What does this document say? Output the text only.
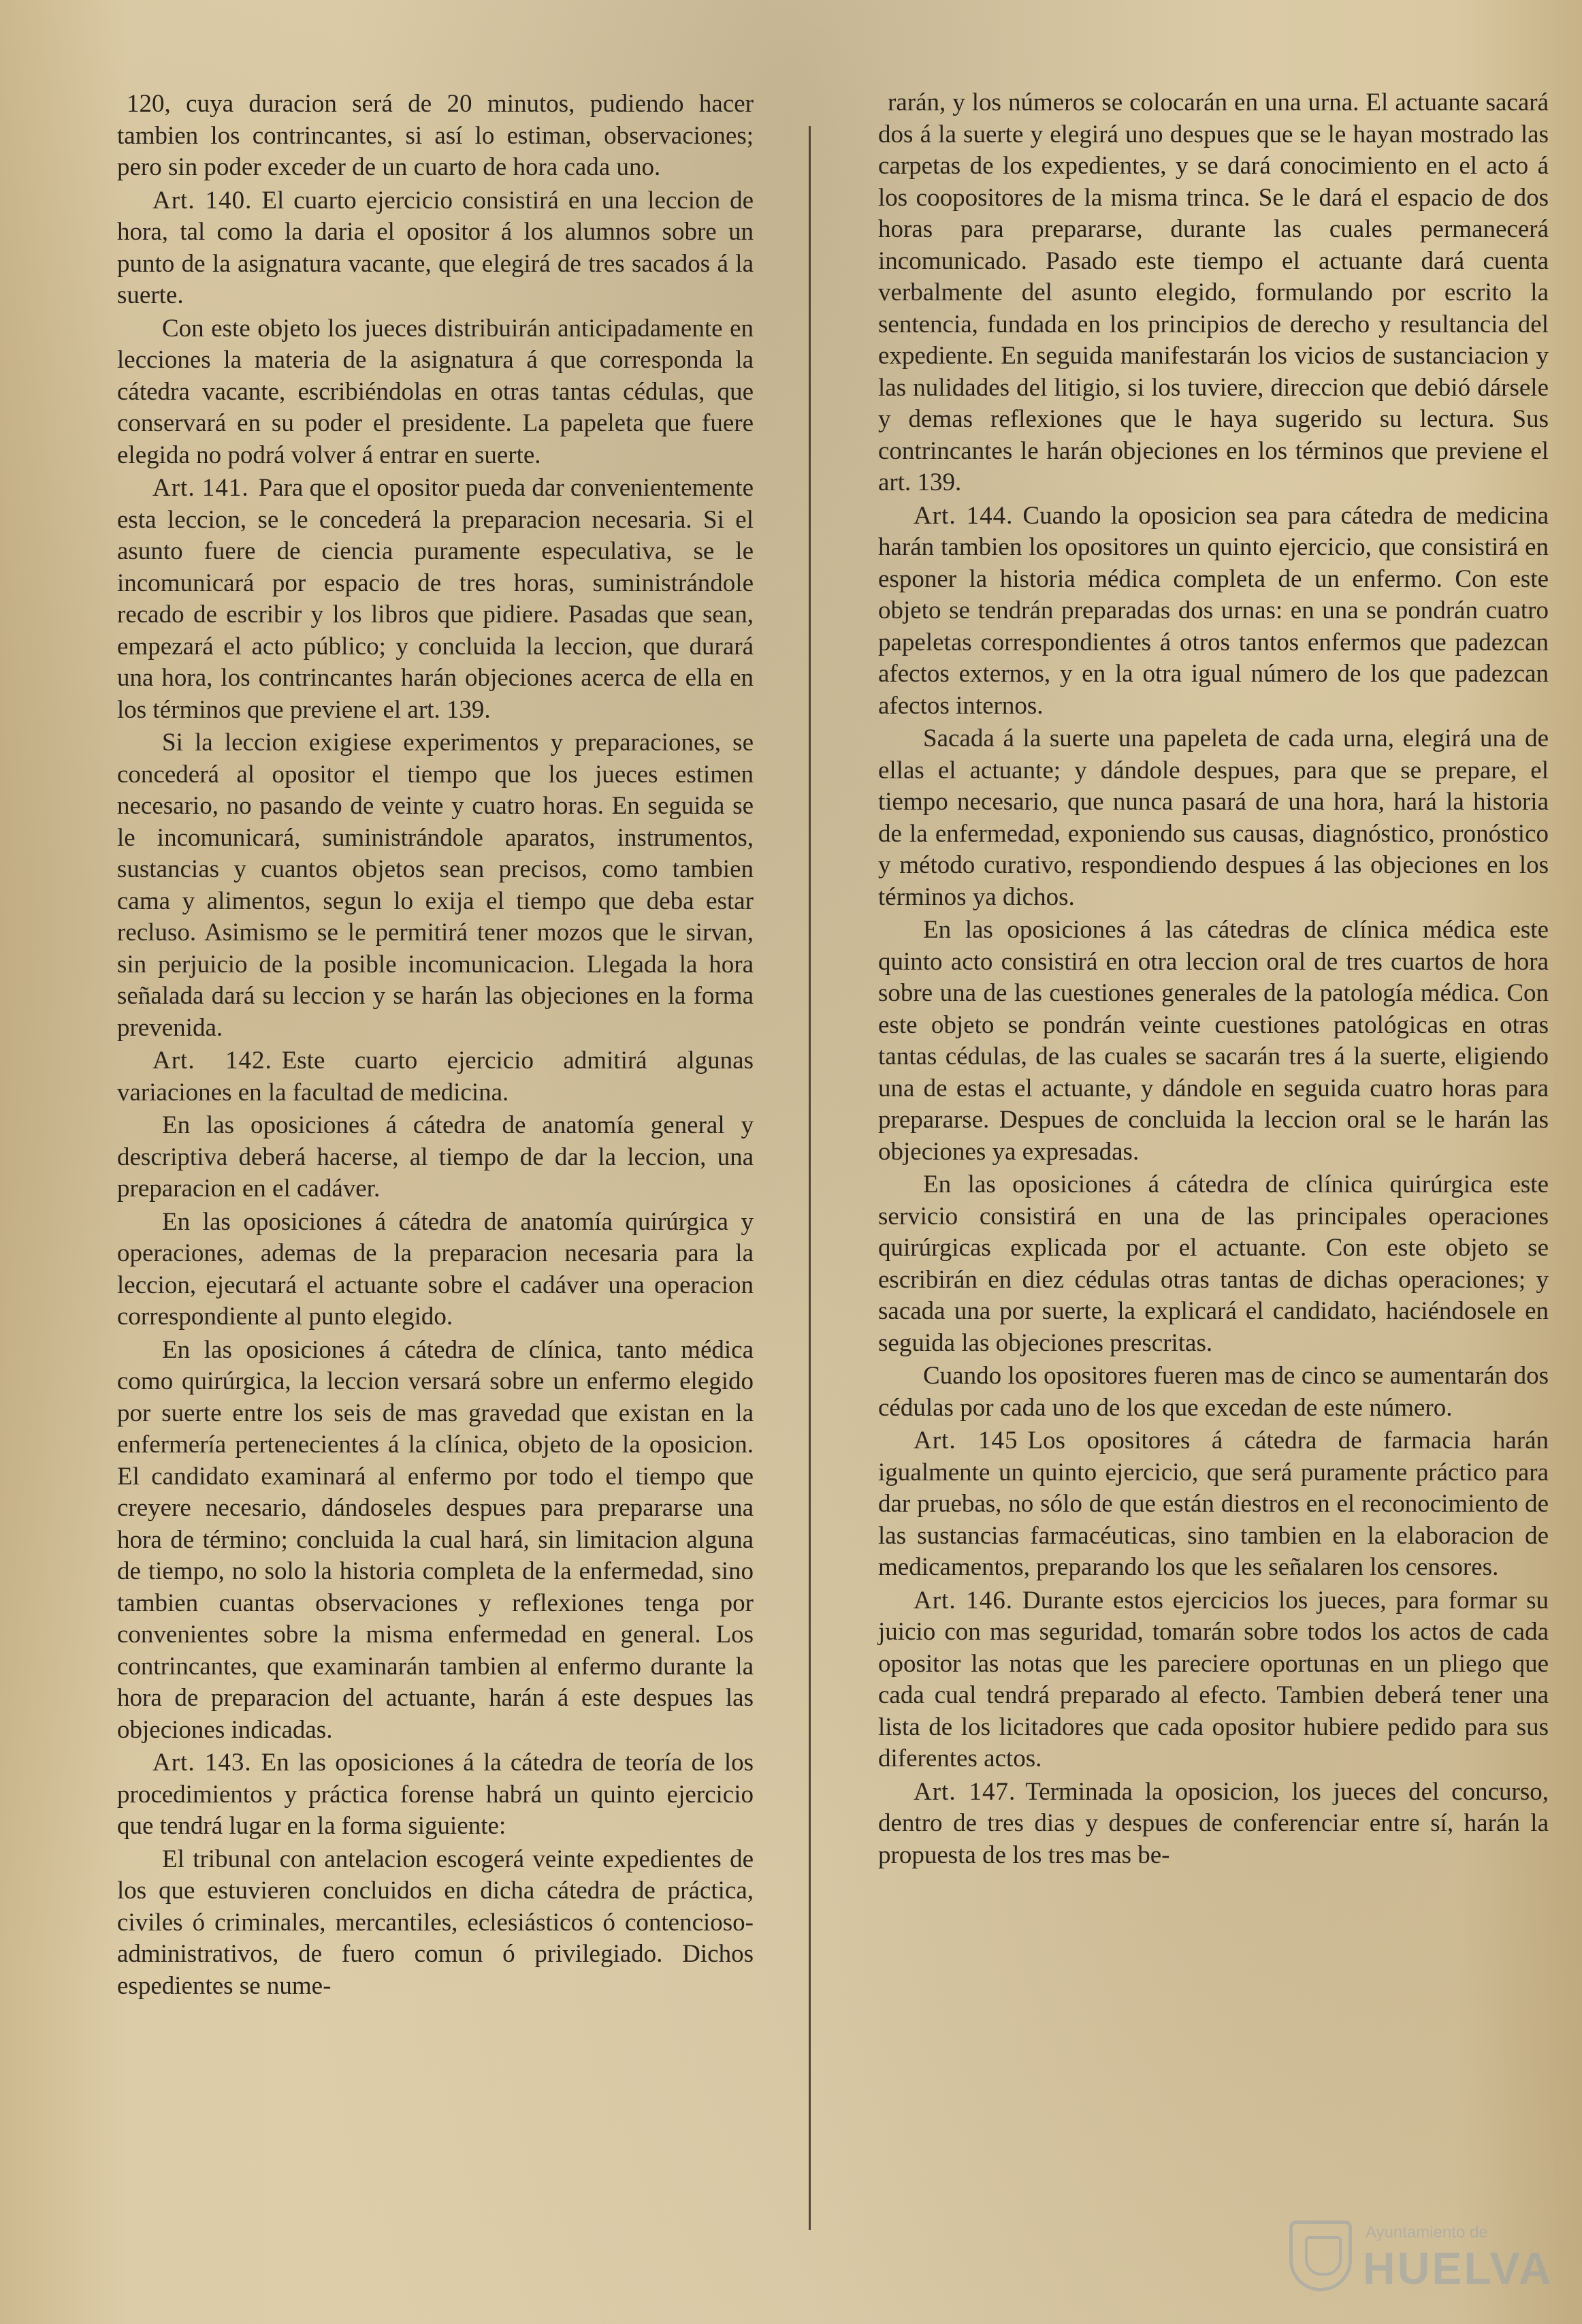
120, cuya duracion será de 20 minutos, pudiendo hacer tambien los contrincantes, si así lo estiman, observaciones; pero sin poder exceder de un cuarto de hora cada uno.

Art. 140. El cuarto ejercicio consistirá en una leccion de hora, tal como la daria el opositor á los alumnos sobre un punto de la asignatura vacante, que elegirá de tres sacados á la suerte.

Con este objeto los jueces distribuirán anticipadamente en lecciones la materia de la asignatura á que corresponda la cátedra vacante, escribiéndolas en otras tantas cédulas, que conservará en su poder el presidente. La papeleta que fuere elegida no podrá volver á entrar en suerte.

Art. 141. Para que el opositor pueda dar convenientemente esta leccion, se le concederá la preparacion necesaria. Si el asunto fuere de ciencia puramente especulativa, se le incomunicará por espacio de tres horas, suministrándole recado de escribir y los libros que pidiere. Pasadas que sean, empezará el acto público; y concluida la leccion, que durará una hora, los contrincantes harán objeciones acerca de ella en los términos que previene el art. 139.

Si la leccion exigiese experimentos y preparaciones, se concederá al opositor el tiempo que los jueces estimen necesario, no pasando de veinte y cuatro horas. En seguida se le incomunicará, suministrándole aparatos, instrumentos, sustancias y cuantos objetos sean precisos, como tambien cama y alimentos, segun lo exija el tiempo que deba estar recluso. Asimismo se le permitirá tener mozos que le sirvan, sin perjuicio de la posible incomunicacion. Llegada la hora señalada dará su leccion y se harán las objeciones en la forma prevenida.

Art. 142. Este cuarto ejercicio admitirá algunas variaciones en la facultad de medicina.

En las oposiciones á cátedra de anatomía general y descriptiva deberá hacerse, al tiempo de dar la leccion, una preparacion en el cadáver.

En las oposiciones á cátedra de anatomía quirúrgica y operaciones, ademas de la preparacion necesaria para la leccion, ejecutará el actuante sobre el cadáver una operacion correspondiente al punto elegido.

En las oposiciones á cátedra de clínica, tanto médica como quirúrgica, la leccion versará sobre un enfermo elegido por suerte entre los seis de mas gravedad que existan en la enfermería pertenecientes á la clínica, objeto de la oposicion. El candidato examinará al enfermo por todo el tiempo que creyere necesario, dándoseles despues para prepararse una hora de término; concluida la cual hará, sin limitacion alguna de tiempo, no solo la historia completa de la enfermedad, sino tambien cuantas observaciones y reflexiones tenga por convenientes sobre la misma enfermedad en general. Los contrincantes, que examinarán tambien al enfermo durante la hora de preparacion del actuante, harán á este despues las objeciones indicadas.

Art. 143. En las oposiciones á la cátedra de teoría de los procedimientos y práctica forense habrá un quinto ejercicio que tendrá lugar en la forma siguiente:

El tribunal con antelacion escogerá veinte expedientes de los que estuvieren concluidos en dicha cátedra de práctica, civiles ó criminales, mercantiles, eclesiásticos ó contencioso-administrativos, de fuero comun ó privilegiado. Dichos espedientes se nume-

rarán, y los números se colocarán en una urna. El actuante sacará dos á la suerte y elegirá uno despues que se le hayan mostrado las carpetas de los expedientes, y se dará conocimiento en el acto á los coopositores de la misma trinca. Se le dará el espacio de dos horas para prepararse, durante las cuales permanecerá incomunicado. Pasado este tiempo el actuante dará cuenta verbalmente del asunto elegido, formulando por escrito la sentencia, fundada en los principios de derecho y resultancia del expediente. En seguida manifestarán los vicios de sustanciacion y las nulidades del litigio, si los tuviere, direccion que debió dársele y demas reflexiones que le haya sugerido su lectura. Sus contrincantes le harán objeciones en los términos que previene el art. 139.

Art. 144. Cuando la oposicion sea para cátedra de medicina harán tambien los opositores un quinto ejercicio, que consistirá en esponer la historia médica completa de un enfermo. Con este objeto se tendrán preparadas dos urnas: en una se pondrán cuatro papeletas correspondientes á otros tantos enfermos que padezcan afectos externos, y en la otra igual número de los que padezcan afectos internos.

Sacada á la suerte una papeleta de cada urna, elegirá una de ellas el actuante; y dándole despues, para que se prepare, el tiempo necesario, que nunca pasará de una hora, hará la historia de la enfermedad, exponiendo sus causas, diagnóstico, pronóstico y método curativo, respondiendo despues á las objeciones en los términos ya dichos.

En las oposiciones á las cátedras de clínica médica este quinto acto consistirá en otra leccion oral de tres cuartos de hora sobre una de las cuestiones generales de la patología médica. Con este objeto se pondrán veinte cuestiones patológicas en otras tantas cédulas, de las cuales se sacarán tres á la suerte, eligiendo una de estas el actuante, y dándole en seguida cuatro horas para prepararse. Despues de concluida la leccion oral se le harán las objeciones ya expresadas.

En las oposiciones á cátedra de clínica quirúrgica este servicio consistirá en una de las principales operaciones quirúrgicas explicada por el actuante. Con este objeto se escribirán en diez cédulas otras tantas de dichas operaciones; y sacada una por suerte, la explicará el candidato, haciéndosele en seguida las objeciones prescritas.

Cuando los opositores fueren mas de cinco se aumentarán dos cédulas por cada uno de los que excedan de este número.

Art. 145 Los opositores á cátedra de farmacia harán igualmente un quinto ejercicio, que será puramente práctico para dar pruebas, no sólo de que están diestros en el reconocimiento de las sustancias farmacéuticas, sino tambien en la elaboracion de medicamentos, preparando los que les señalaren los censores.

Art. 146. Durante estos ejercicios los jueces, para formar su juicio con mas seguridad, tomarán sobre todos los actos de cada opositor las notas que les pareciere oportunas en un pliego que cada cual tendrá preparado al efecto. Tambien deberá tener una lista de los licitadores que cada opositor hubiere pedido para sus diferentes actos.

Art. 147. Terminada la oposicion, los jueces del concurso, dentro de tres dias y despues de conferenciar entre sí, harán la propuesta de los tres mas be-

Ayuntamiento de
HUELVA
